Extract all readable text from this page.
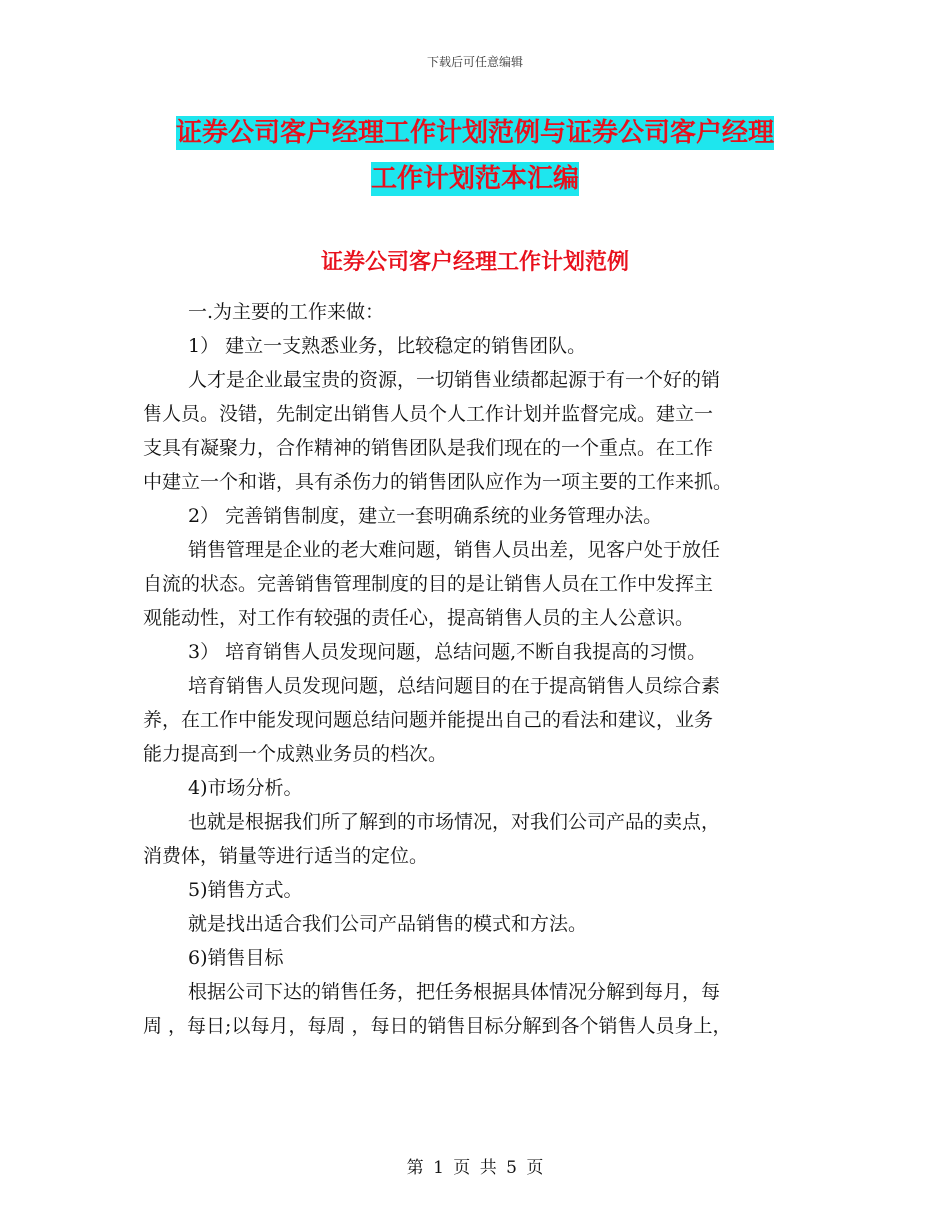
下载后可任意编辑
证券公司客户经理工作计划范例与证券公司客户经理
工作计划范本汇编
证券公司客户经理工作计划范例

一.为主要的工作来做：

1） 建立一支熟悉业务，比较稳定的销售团队。

人才是企业最宝贵的资源，一切销售业绩都起源于有一个好的销

售人员。没错，先制定出销售人员个人工作计划并监督完成。建立一

支具有凝聚力，合作精神的销售团队是我们现在的一个重点。在工作

中建立一个和谐，具有杀伤力的销售团队应作为一项主要的工作来抓。

2） 完善销售制度，建立一套明确系统的业务管理办法。

销售管理是企业的老大难问题，销售人员出差，见客户处于放任

自流的状态。完善销售管理制度的目的是让销售人员在工作中发挥主

观能动性，对工作有较强的责任心，提高销售人员的主人公意识。

3） 培育销售人员发现问题，总结问题,不断自我提高的习惯。

培育销售人员发现问题，总结问题目的在于提高销售人员综合素

养，在工作中能发现问题总结问题并能提出自己的看法和建议，业务

能力提高到一个成熟业务员的档次。

4)市场分析。

也就是根据我们所了解到的市场情况，对我们公司产品的卖点，

消费体，销量等进行适当的定位。

5)销售方式。

就是找出适合我们公司产品销售的模式和方法。

6)销售目标

根据公司下达的销售任务，把任务根据具体情况分解到每月，每

周 ，每日;以每月，每周 ，每日的销售目标分解到各个销售人员身上，

第 1 页 共 5 页
